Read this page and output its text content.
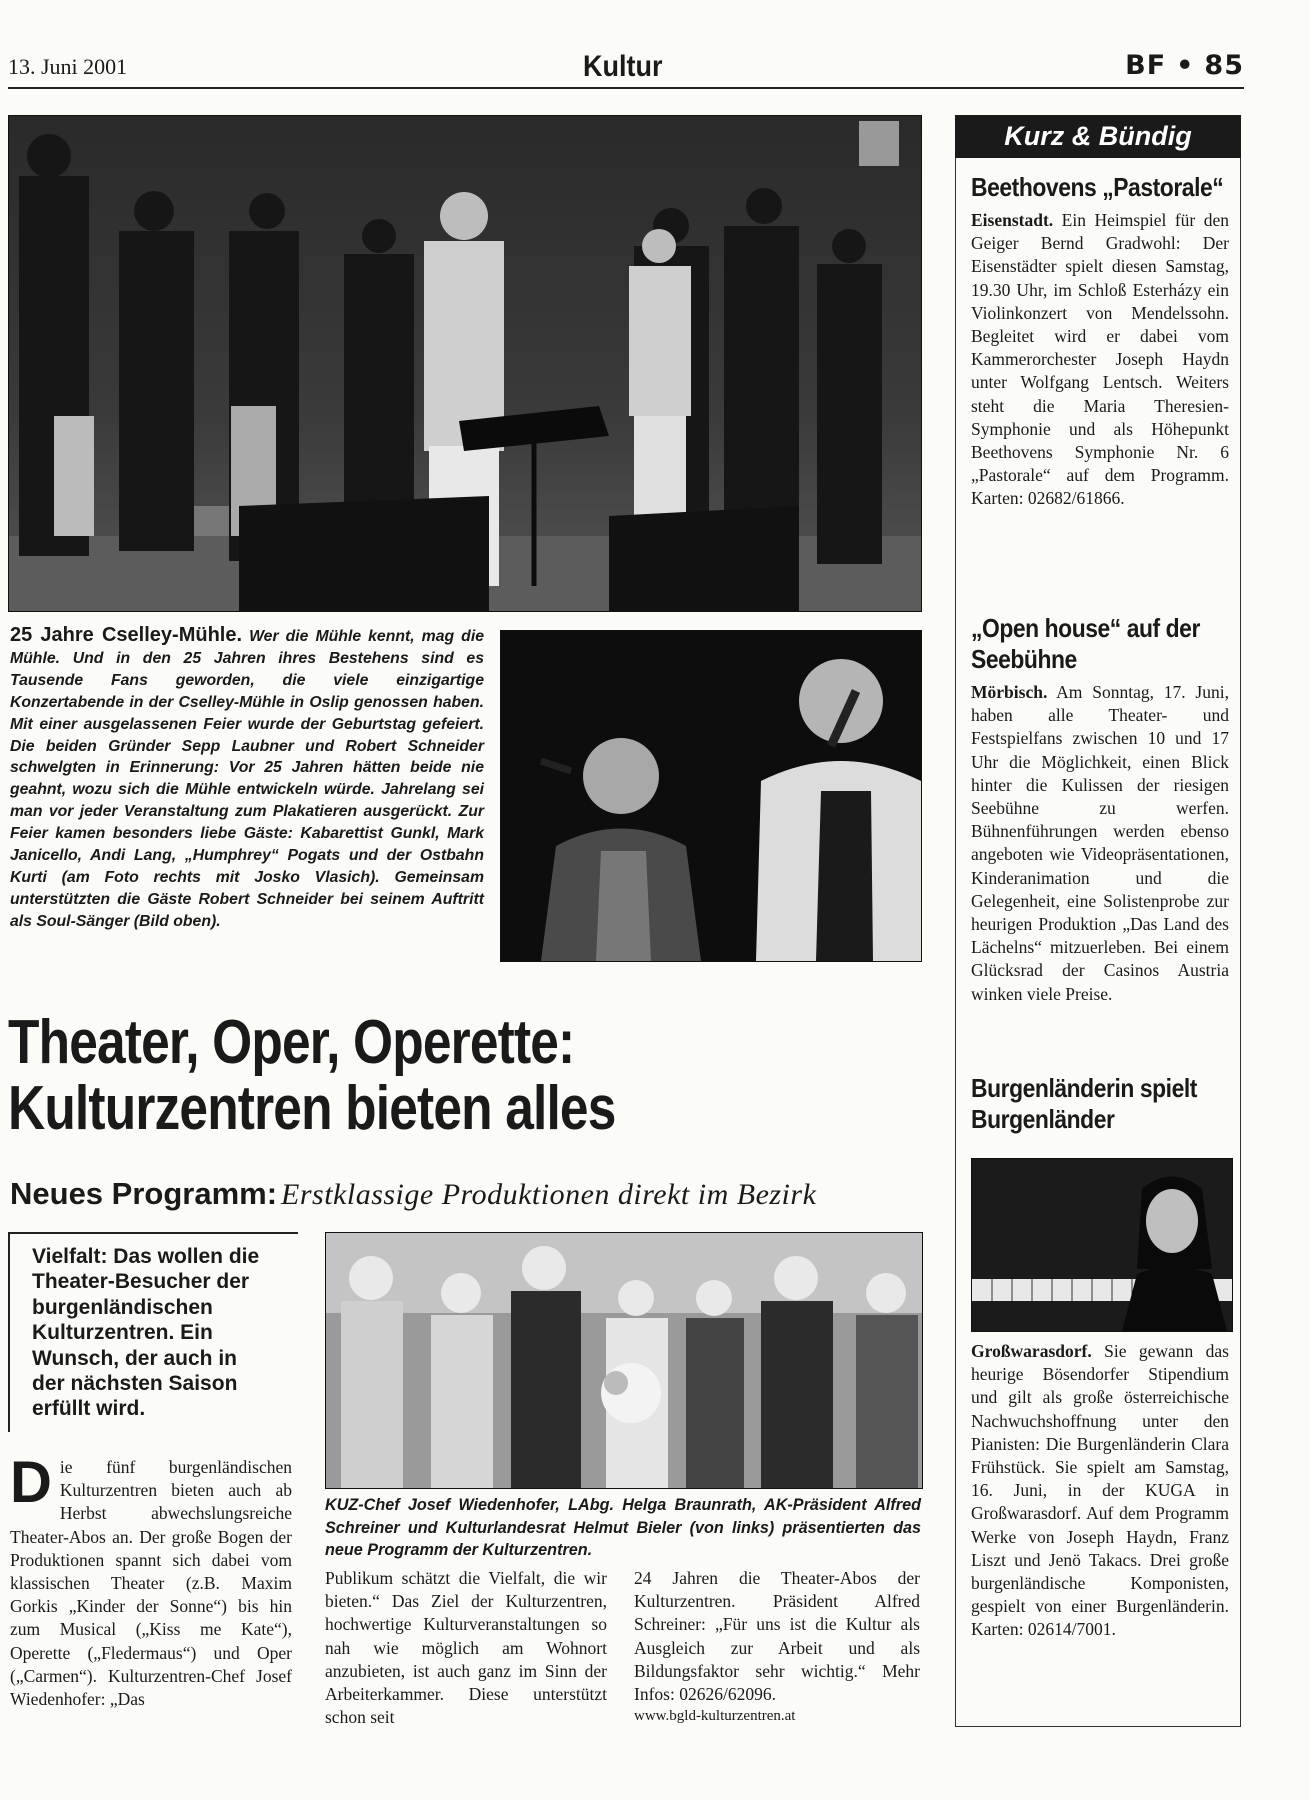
13. Juni 2001	Kultur	BF • 85

25 Jahre Cselley-Mühle. Wer die Mühle kennt, mag die Mühle. Und in den 25 Jahren ihres Bestehens sind es Tausende Fans geworden, die viele einzigartige Konzertabende in der Cselley-Mühle in Oslip genossen haben. Mit einer ausgelassenen Feier wurde der Geburtstag gefeiert. Die beiden Gründer Sepp Laubner und Robert Schneider schwelgten in Erinnerung: Vor 25 Jahren hätten beide nie geahnt, wozu sich die Mühle entwickeln würde. Jahrelang sei man vor jeder Veranstaltung zum Plakatieren ausgerückt. Zur Feier kamen besonders liebe Gäste: Kabarettist Gunkl, Mark Janicello, Andi Lang, „Humphrey“ Pogats und der Ostbahn Kurti (am Foto rechts mit Josko Vlasich). Gemeinsam unterstützten die Gäste Robert Schneider bei seinem Auftritt als Soul-Sänger (Bild oben).

Theater, Oper, Operette:
Kulturzentren bieten alles
Neues Programm: Erstklassige Produktionen direkt im Bezirk
Vielfalt: Das wollen die Theater-Besucher der burgenländischen Kulturzentren. Ein Wunsch, der auch in der nächsten Saison erfüllt wird.
KUZ-Chef Josef Wiedenhofer, LAbg. Helga Braunrath, AK-Präsident Alfred Schreiner und Kulturlandesrat Helmut Bieler (von links) präsentierten das neue Programm der Kulturzentren.

D ie fünf burgenländischen Kulturzentren bieten auch ab Herbst abwechslungsreiche Theater-Abos an. Der große Bogen der Produktionen spannt sich dabei vom klassischen Theater (z.B. Maxim Gorkis „Kinder der Sonne“) bis hin zum Musical („Kiss me Kate“), Operette („Fledermaus“) und Oper („Carmen“). Kulturzentren-Chef Josef Wiedenhofer: „Das

Publikum schätzt die Vielfalt, die wir bieten.“ Das Ziel der Kulturzentren, hochwertige Kulturveranstaltungen so nah wie möglich am Wohnort anzubieten, ist auch ganz im Sinn der Arbeiterkammer. Diese unterstützt schon seit

24 Jahren die Theater-Abos der Kulturzentren. Präsident Alfred Schreiner: „Für uns ist die Kultur als Ausgleich zur Arbeit und als Bildungsfaktor sehr wichtig.“ Mehr Infos: 02626/62096.

www.bgld-kulturzentren.at

Kurz & Bündig
Beethovens „Pastorale“

Eisenstadt. Ein Heimspiel für den Geiger Bernd Gradwohl: Der Eisenstädter spielt diesen Samstag, 19.30 Uhr, im Schloß Esterházy ein Violinkonzert von Mendelssohn. Begleitet wird er dabei vom Kammerorchester Joseph Haydn unter Wolfgang Lentsch. Weiters steht die Maria Theresien-Symphonie und als Höhepunkt Beethovens Symphonie Nr. 6 „Pastorale“ auf dem Programm. Karten: 02682/61866.

„Open house“ auf der Seebühne

Mörbisch. Am Sonntag, 17. Juni, haben alle Theater- und Festspielfans zwischen 10 und 17 Uhr die Möglichkeit, einen Blick hinter die Kulissen der riesigen Seebühne zu werfen. Bühnenführungen werden ebenso angeboten wie Videopräsentationen, Kinderanimation und die Gelegenheit, eine Solistenprobe zur heurigen Produktion „Das Land des Lächelns“ mitzuerleben. Bei einem Glücksrad der Casinos Austria winken viele Preise.

Burgenländerin spielt Burgenländer

Großwarasdorf. Sie gewann das heurige Bösendorfer Stipendium und gilt als große österreichische Nachwuchshoffnung unter den Pianisten: Die Burgenländerin Clara Frühstück. Sie spielt am Samstag, 16. Juni, in der KUGA in Großwarasdorf. Auf dem Programm Werke von Joseph Haydn, Franz Liszt und Jenö Takacs. Drei große burgenländische Komponisten, gespielt von einer Burgenländerin. Karten: 02614/7001.
